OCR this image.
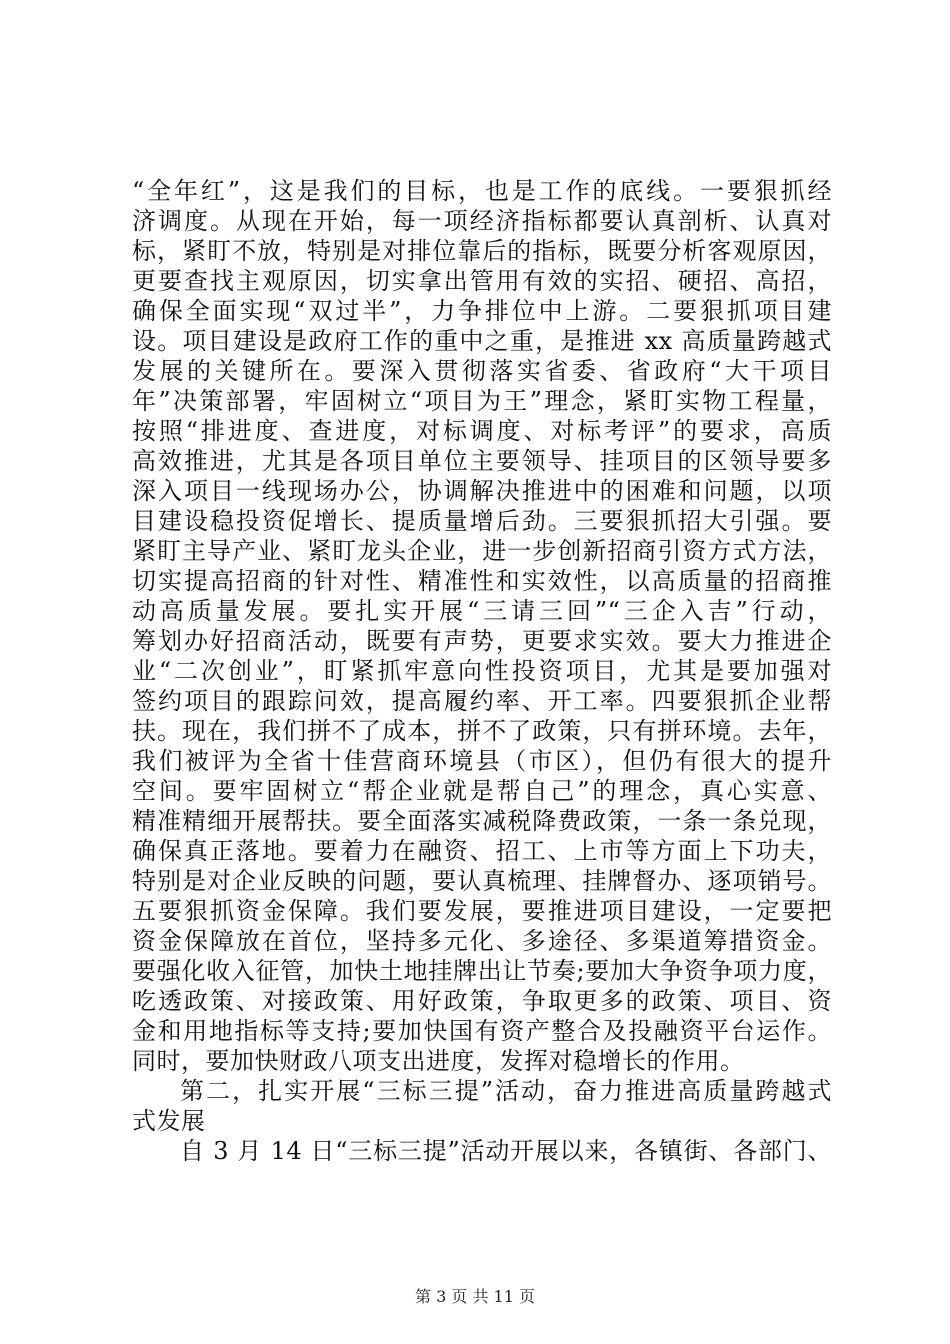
“全年红”，这是我们的目标，也是工作的底线。一要狠抓经
济调度。从现在开始，每一项经济指标都要认真剖析、认真对
标，紧盯不放，特别是对排位靠后的指标，既要分析客观原因，
更要查找主观原因，切实拿出管用有效的实招、硬招、高招，
确保全面实现“双过半”，力争排位中上游。二要狠抓项目建
设。项目建设是政府工作的重中之重，是推进 xx 高质量跨越式
发展的关键所在。要深入贯彻落实省委、省政府“大干项目
年”决策部署，牢固树立“项目为王”理念，紧盯实物工程量，
按照“排进度、查进度，对标调度、对标考评”的要求，高质
高效推进，尤其是各项目单位主要领导、挂项目的区领导要多
深入项目一线现场办公，协调解决推进中的困难和问题，以项
目建设稳投资促增长、提质量增后劲。三要狠抓招大引强。要
紧盯主导产业、紧盯龙头企业，进一步创新招商引资方式方法，
切实提高招商的针对性、精准性和实效性，以高质量的招商推
动高质量发展。要扎实开展“三请三回”“三企入吉”行动，
筹划办好招商活动，既要有声势，更要求实效。要大力推进企
业“二次创业”，盯紧抓牢意向性投资项目，尤其是要加强对
签约项目的跟踪问效，提高履约率、开工率。四要狠抓企业帮
扶。现在，我们拼不了成本，拼不了政策，只有拼环境。去年，
我们被评为全省十佳营商环境县（市区），但仍有很大的提升
空间。要牢固树立“帮企业就是帮自己”的理念，真心实意、
精准精细开展帮扶。要全面落实减税降费政策，一条一条兑现，
确保真正落地。要着力在融资、招工、上市等方面上下功夫，
特别是对企业反映的问题，要认真梳理、挂牌督办、逐项销号。
五要狠抓资金保障。我们要发展，要推进项目建设，一定要把
资金保障放在首位，坚持多元化、多途径、多渠道筹措资金。
要强化收入征管，加快土地挂牌出让节奏;要加大争资争项力度，
吃透政策、对接政策、用好政策，争取更多的政策、项目、资
金和用地指标等支持;要加快国有资产整合及投融资平台运作。
同时，要加快财政八项支出进度，发挥对稳增长的作用。
第二，扎实开展“三标三提”活动，奋力推进高质量跨越式
式发展
自 3 月 14 日“三标三提”活动开展以来，各镇街、各部门、
第 3 页 共 11 页
